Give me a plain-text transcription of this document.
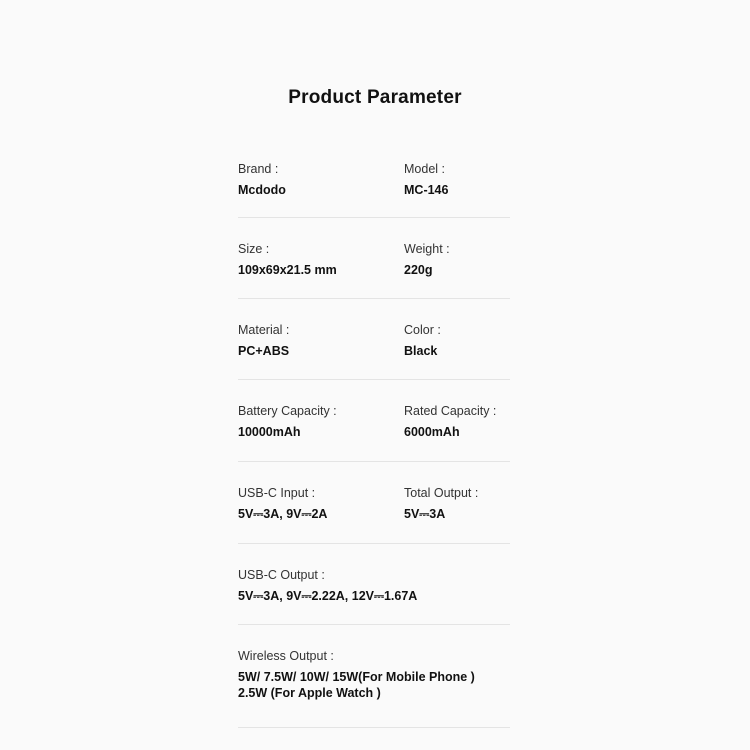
Product Parameter
Brand :
Mcdodo
Model :
MC-146
Size :
109x69x21.5 mm
Weight :
220g
Material :
PC+ABS
Color :
Black
Battery Capacity :
10000mAh
Rated Capacity :
6000mAh
USB-C Input :
5V⎓3A, 9V⎓2A
Total Output :
5V⎓3A
USB-C Output :
5V⎓3A, 9V⎓2.22A, 12V⎓1.67A
Wireless Output :
5W/ 7.5W/ 10W/ 15W(For Mobile Phone )
2.5W (For Apple Watch )
